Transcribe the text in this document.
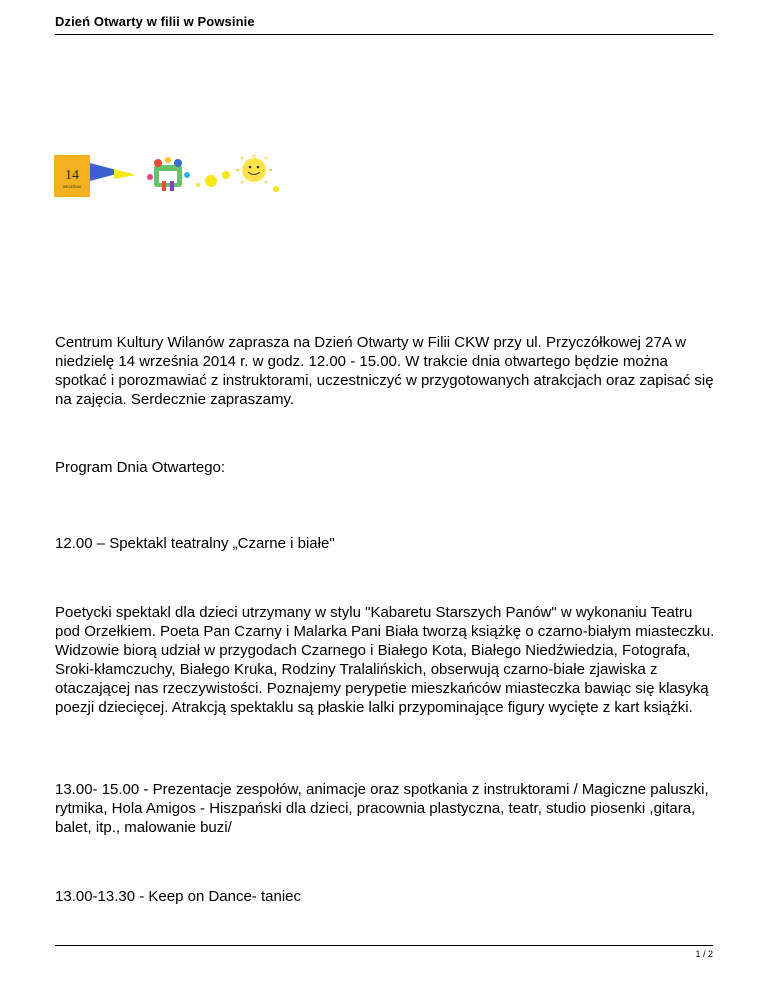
Dzień Otwarty w filii w Powsinie
14
WRZEŚNIA
Centrum Kultury Wilanów zaprasza na Dzień Otwarty w Filii CKW przy ul. Przyczółkowej 27A w niedzielę 14 września 2014 r. w godz. 12.00 - 15.00. W trakcie dnia otwartego będzie można spotkać i porozmawiać z instruktorami, uczestniczyć w przygotowanych atrakcjach oraz zapisać się na zajęcia. Serdecznie zapraszamy.
Program Dnia Otwartego:
12.00 – Spektakl teatralny „Czarne i białe"
Poetycki spektakl dla dzieci utrzymany w stylu "Kabaretu Starszych Panów" w wykonaniu Teatru pod Orzełkiem. Poeta Pan Czarny i Malarka Pani Biała tworzą książkę o czarno-białym miasteczku. Widzowie biorą udział w przygodach Czarnego i Białego Kota, Białego Niedźwiedzia, Fotografa, Sroki-kłamczuchy, Białego Kruka, Rodziny Tralalińskich, obserwują czarno-białe zjawiska z otaczającej nas rzeczywistości. Poznajemy perypetie mieszkańców miasteczka bawiąc się klasyką poezji dziecięcej. Atrakcją spektaklu są płaskie lalki przypominające figury wycięte z kart książki.
13.00- 15.00 - Prezentacje zespołów, animacje oraz spotkania z instruktorami / Magiczne paluszki, rytmika, Hola Amigos - Hiszpański dla dzieci, pracownia plastyczna, teatr, studio piosenki ,gitara, balet, itp., malowanie buzi/
13.00-13.30 - Keep on Dance- taniec
1 / 2
